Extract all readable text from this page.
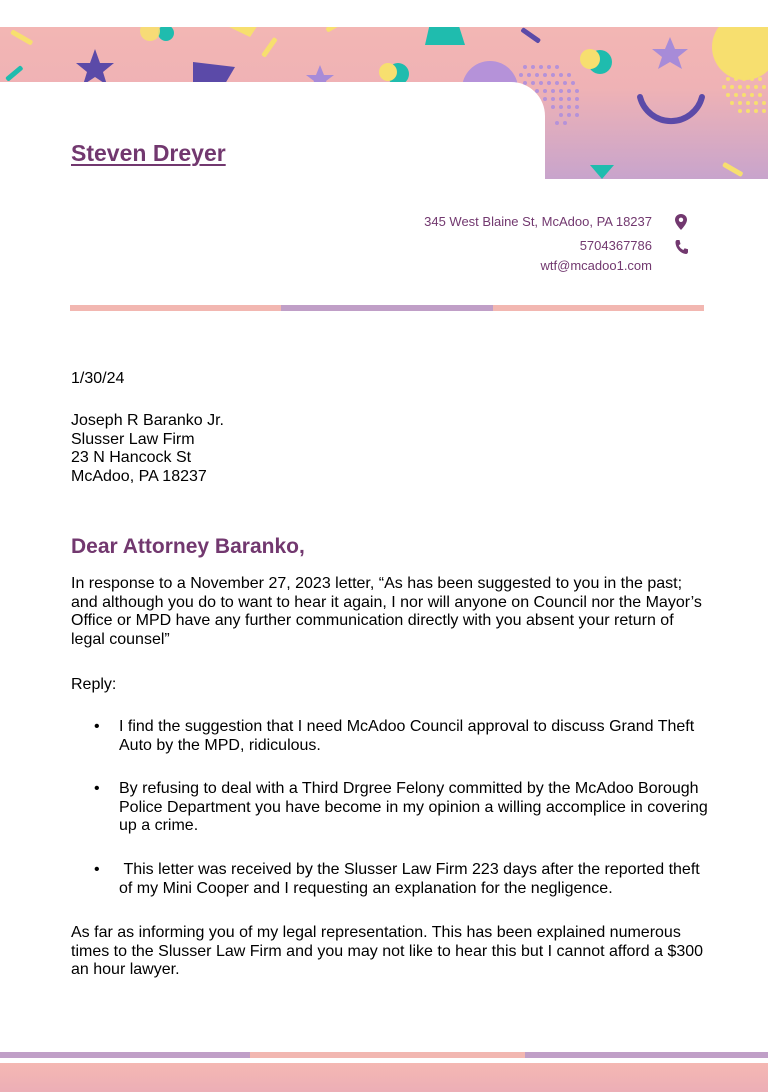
Steven Dreyer
345 West Blaine St, McAdoo, PA 18237
5704367786
wtf@mcadoo1.com
1/30/24
Joseph R Baranko Jr.
Slusser Law Firm
23 N Hancock St
McAdoo, PA 18237
Dear Attorney Baranko,
In response to a November 27, 2023 letter, “As has been suggested to you in the past; and although you do to want to hear it again, I nor will anyone on Council nor the Mayor’s Office or MPD have any further communication directly with you absent your return of legal counsel”
Reply:
• I find the suggestion that I need McAdoo Council approval to discuss Grand Theft Auto by the MPD, ridiculous.
• By refusing to deal with a Third Drgree Felony committed by the McAdoo Borough Police Department you have become in my opinion a willing accomplice in covering up a crime.
• This letter was received by the Slusser Law Firm 223 days after the reported theft of my Mini Cooper and I requesting an explanation for the negligence.
As far as informing you of my legal representation. This has been explained numerous times to the Slusser Law Firm and you may not like to hear this but I cannot afford a $300 an hour lawyer.
